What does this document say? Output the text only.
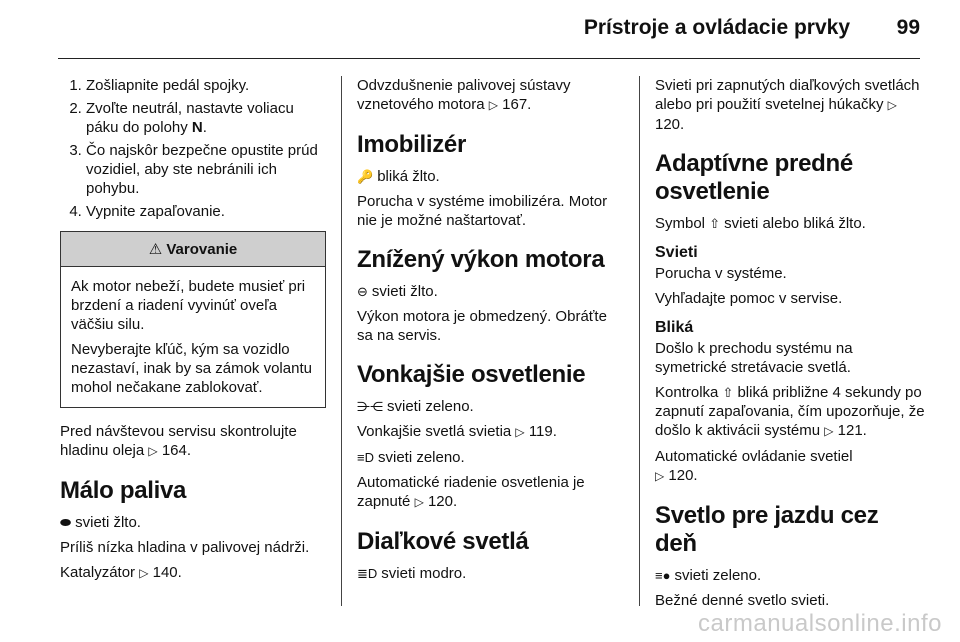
Prístroje a ovládacie prvky 99
1. Zošliapnite pedál spojky.
2. Zvoľte neutrál, nastavte voliacu páku do polohy N.
3. Čo najskôr bezpečne opustite prúd vozidiel, aby ste nebránili ich pohybu.
4. Vypnite zapaľovanie.
⚠ Varovanie

Ak motor nebeží, budete musieť pri brzdení a riadení vyvinúť oveľa väčšiu silu.

Nevyberajte kľúč, kým sa vozidlo nezastaví, inak by sa zámok volantu mohol nečakane zablokovať.

Pred návštevou servisu skontrolujte hladinu oleja ▷ 164.

Málo paliva

⬬ svieti žlto.

Príliš nízka hladina v palivovej nádrži.

Katalyzátor ▷ 140.

Odvzdušnenie palivovej sústavy vznetového motora ▷ 167.

Imobilizér

🔑 bliká žlto.

Porucha v systéme imobilizéra. Motor nie je možné naštartovať.

Znížený výkon motora

⊖ svieti žlto.

Výkon motora je obmedzený. Obráťte sa na servis.

Vonkajšie osvetlenie

⋺⋲ svieti zeleno.

Vonkajšie svetlá svietia ▷ 119.

≡D svieti zeleno.

Automatické riadenie osvetlenia je zapnuté ▷ 120.

Diaľkové svetlá

≣D svieti modro.

Svieti pri zapnutých diaľkových svetlách alebo pri použití svetelnej húkačky ▷ 120.

Adaptívne predné osvetlenie

Symbol ⇧ svieti alebo bliká žlto.

Svieti

Porucha v systéme.

Vyhľadajte pomoc v servise.

Bliká

Došlo k prechodu systému na symetrické stretávacie svetlá.

Kontrolka ⇧ bliká približne 4 sekundy po zapnutí zapaľovania, čím upozorňuje, že došlo k aktivácii systému ▷ 121.

Automatické ovládanie svetiel
▷ 120.

Svetlo pre jazdu cez deň

≡● svieti zeleno.

Bežné denné svetlo svieti.

carmanualsonline.info
